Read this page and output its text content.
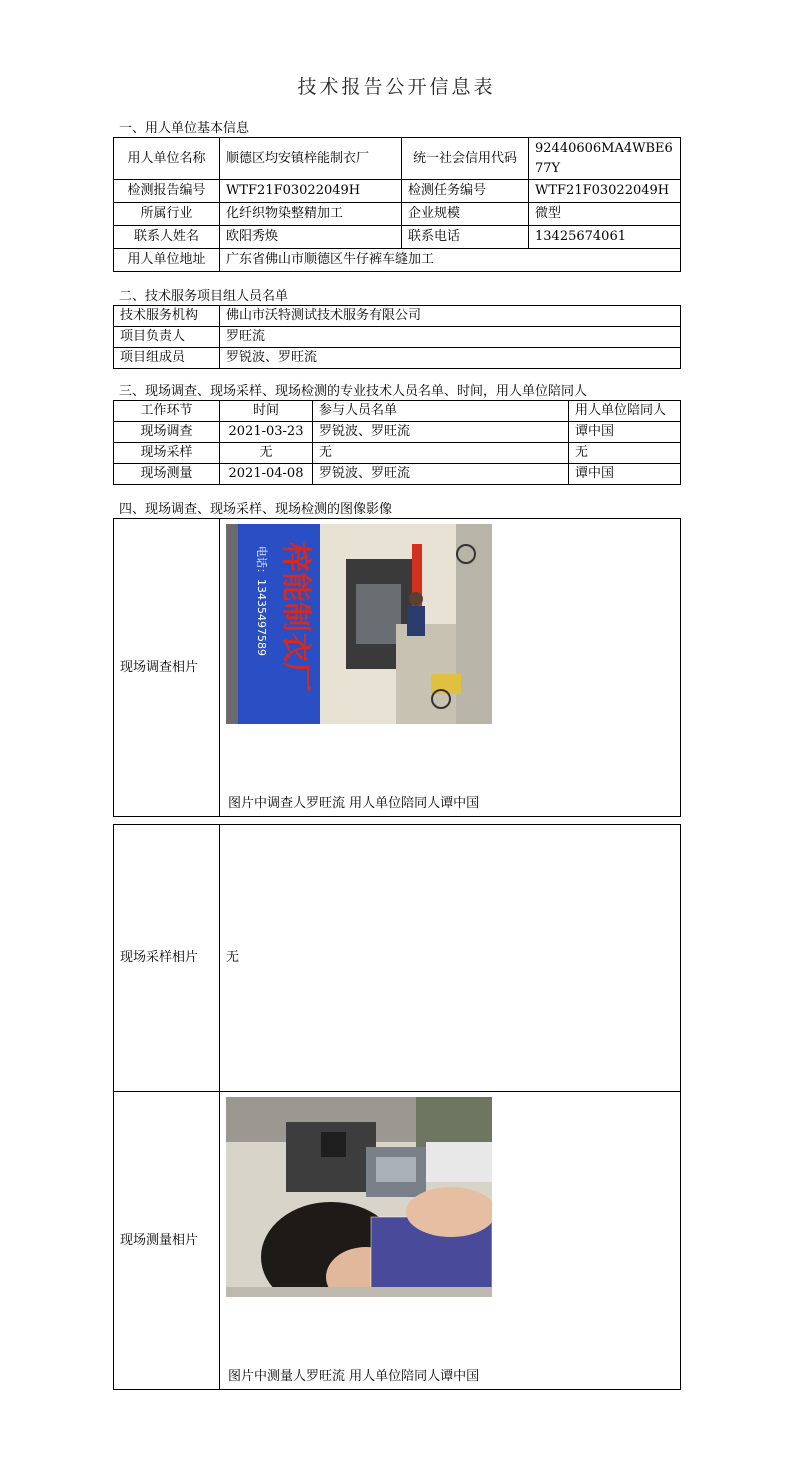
技术报告公开信息表
一、用人单位基本信息
用人单位名称	顺德区均安镇梓能制衣厂	统一社会信用代码	92440606MA4WBE677Y
检测报告编号	WTF21F03022049H	检测任务编号	WTF21F03022049H
所属行业	化纤织物染整精加工	企业规模	微型
联系人姓名	欧阳秀焕	联系电话	13425674061
用人单位地址	广东省佛山市顺德区牛仔裤车缝加工		
二、技术服务项目组人员名单
技术服务机构	佛山市沃特测试技术服务有限公司
项目负责人	罗旺流
项目组成员	罗锐波、罗旺流
三、现场调查、现场采样、现场检测的专业技术人员名单、时间，用人单位陪同人
工作环节	时间	参与人员名单	用人单位陪同人
现场调查	2021-03-23	罗锐波、罗旺流	谭中国
现场采样	无	无	无
现场测量	2021-04-08	罗锐波、罗旺流	谭中国
四、现场调查、现场采样、现场检测的图像影像
现场调查相片	梓能制衣厂
电话：13435497589
图片中调查人罗旺流 用人单位陪同人谭中国
现场采样相片	无
现场测量相片	图片中测量人罗旺流 用人单位陪同人谭中国
